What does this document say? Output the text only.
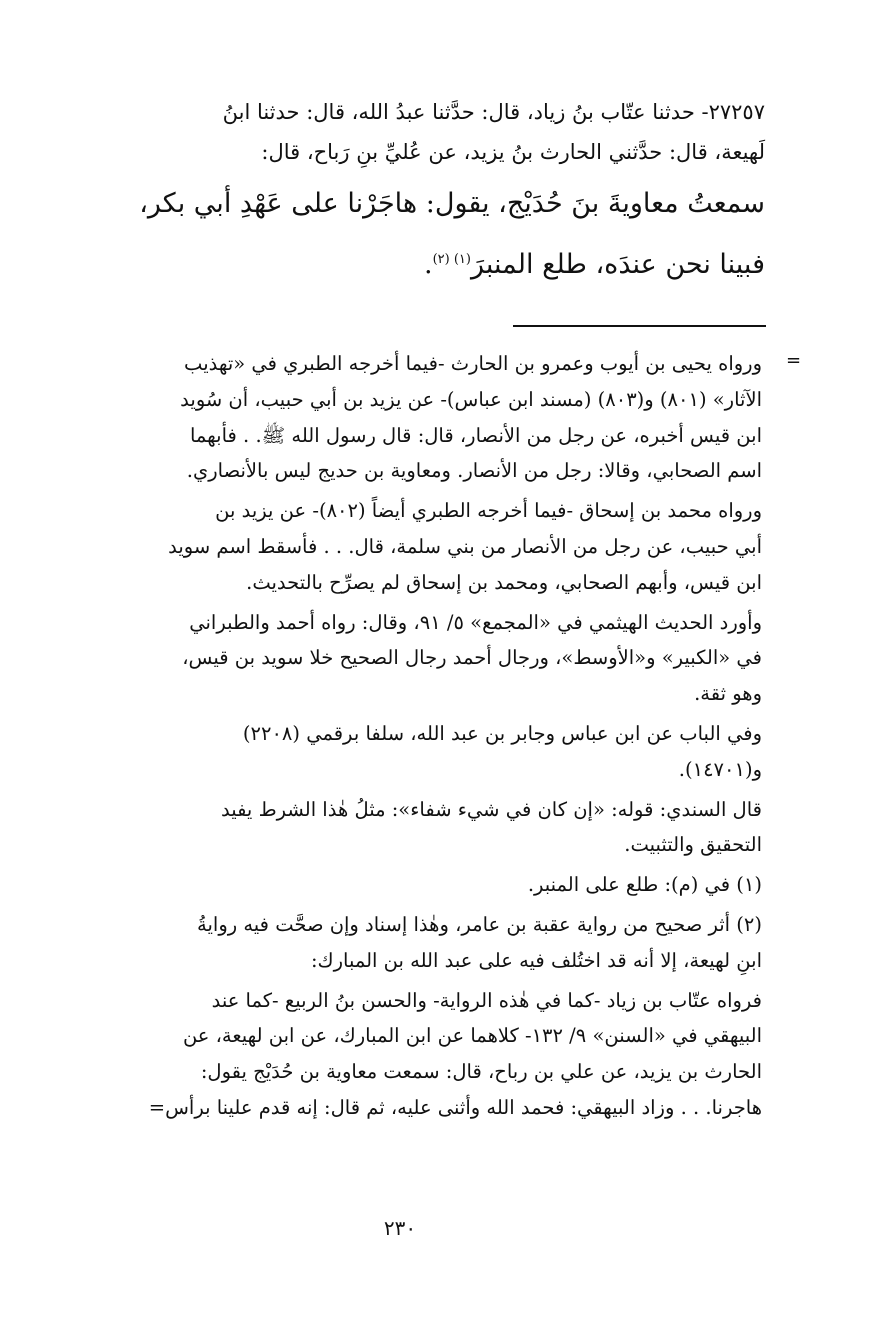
٢٧٢٥٧- حدثنا عتّاب بنُ زياد، قال: حدَّثنا عبدُ الله، قال: حدثنا ابنُ
لَهيعة، قال: حدَّثني الحارث بنُ يزيد، عن عُليِّ بنِ رَباح، قال:
سمعتُ معاويةَ بنَ حُدَيْج، يقول: هاجَرْنا على عَهْدِ أبي بكر،
فبينا نحن عندَه، طلع المنبرَ$^{(١) (٢)}$.
=

ورواه يحيى بن أيوب وعمرو بن الحارث -فيما أخرجه الطبري في «تهذيب
الآثار» (٨٠١) و(٨٠٣) (مسند ابن عباس)- عن يزيد بن أبي حبيب، أن سُويد
ابن قيس أخبره، عن رجل من الأنصار، قال: قال رسول الله ﷺ. . فأبهما
اسم الصحابي، وقالا: رجل من الأنصار. ومعاوية بن حديج ليس بالأنصاري.

ورواه محمد بن إسحاق -فيما أخرجه الطبري أيضاً (٨٠٢)- عن يزيد بن
أبي حبيب، عن رجل من الأنصار من بني سلمة، قال. . . فأسقط اسم سويد
ابن قيس، وأبهم الصحابي، ومحمد بن إسحاق لم يصرِّح بالتحديث.

وأورد الحديث الهيثمي في «المجمع» ٥/ ٩١، وقال: رواه أحمد والطبراني
في «الكبير» و«الأوسط»، ورجال أحمد رجال الصحيح خلا سويد بن قيس،
وهو ثقة.

وفي الباب عن ابن عباس وجابر بن عبد الله، سلفا برقمي (٢٢٠٨)
و(١٤٧٠١).

قال السندي: قوله: «إن كان في شيء شفاء»: مثلُ هٰذا الشرط يفيد
التحقيق والتثبيت.

(١) في (م): طلع على المنبر.

(٢) أثر صحيح من رواية عقبة بن عامر، وهٰذا إسناد وإن صحَّت فيه روايةُ
ابنِ لهيعة، إلا أنه قد اختُلف فيه على عبد الله بن المبارك:

فرواه عتّاب بن زياد -كما في هٰذه الرواية- والحسن بنُ الربيع -كما عند
البيهقي في «السنن» ٩/ ١٣٢- كلاهما عن ابن المبارك، عن ابن لهيعة، عن
الحارث بن يزيد، عن علي بن رباح، قال: سمعت معاوية بن حُدَيْج يقول:
هاجرنا. . . وزاد البيهقي: فحمد الله وأثنى عليه، ثم قال: إنه قدم علينا برأس=

٢٣٠
